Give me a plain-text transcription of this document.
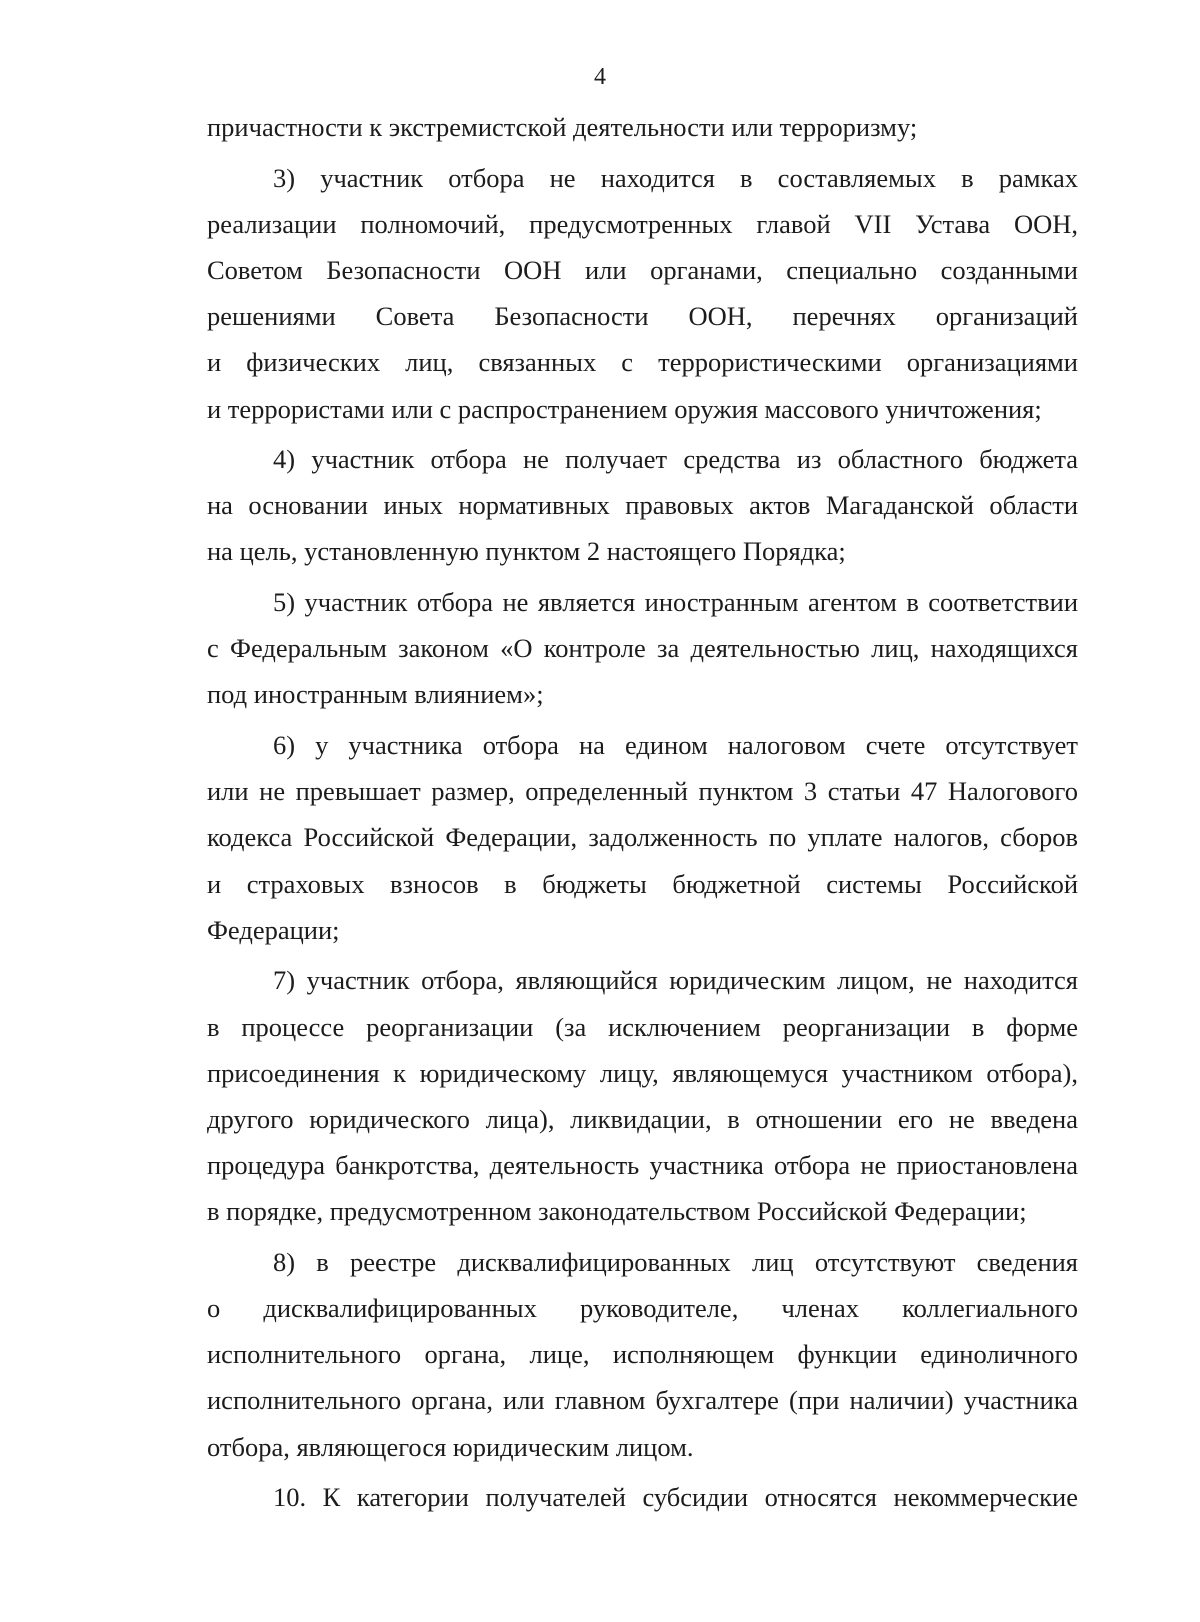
4
причастности к экстремистской деятельности или терроризму;
3) участник отбора не находится в составляемых в рамках
реализации полномочий, предусмотренных главой VII Устава ООН,
Советом Безопасности ООН или органами, специально созданными
решениями Совета Безопасности ООН, перечнях организаций
и физических лиц, связанных с террористическими организациями
и террористами или с распространением оружия массового уничтожения;
4) участник отбора не получает средства из областного бюджета
на основании иных нормативных правовых актов Магаданской области
на цель, установленную пунктом 2 настоящего Порядка;
5) участник отбора не является иностранным агентом в соответствии
с Федеральным законом «О контроле за деятельностью лиц, находящихся
под иностранным влиянием»;
6) у участника отбора на едином налоговом счете отсутствует
или не превышает размер, определенный пунктом 3 статьи 47 Налогового
кодекса Российской Федерации, задолженность по уплате налогов, сборов
и страховых взносов в бюджеты бюджетной системы Российской
Федерации;
7) участник отбора, являющийся юридическим лицом, не находится
в процессе реорганизации (за исключением реорганизации в форме
присоединения к юридическому лицу, являющемуся участником отбора),
другого юридического лица), ликвидации, в отношении его не введена
процедура банкротства, деятельность участника отбора не приостановлена
в порядке, предусмотренном законодательством Российской Федерации;
8) в реестре дисквалифицированных лиц отсутствуют сведения
о дисквалифицированных руководителе, членах коллегиального
исполнительного органа, лице, исполняющем функции единоличного
исполнительного органа, или главном бухгалтере (при наличии) участника
отбора, являющегося юридическим лицом.
10. К категории получателей субсидии относятся некоммерческие
